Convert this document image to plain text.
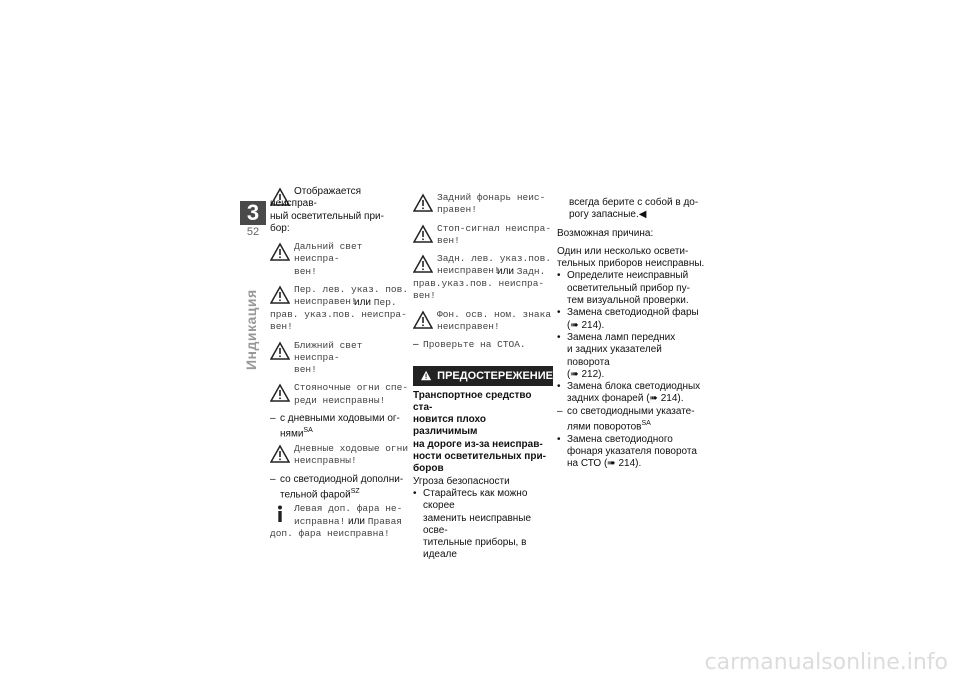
3
52
Индикация

Отображается неисправ-
ный осветительный при-
бор:

Дальний свет неиспра-
вен!

Пер. лев. указ. пов.
неисправен!

или Пер.

прав. указ.пов. неиспра-
вен!

Ближний свет неиспра-
вен!

Стояночные огни спе-
реди неисправны!

– с дневными ходовыми ог-
нями$^{SA}$

Дневные ходовые огни
неисправны!

– со светодиодной дополни-
тельной фарой$^{SZ}$

Левая доп. фара не-
исправна! или Правая

доп. фара неисправна!

Задний фонарь неис-
правен!

Стоп-сигнал неиспра-
вен!

Задн. лев. указ.пов.
неисправен!

или Задн.

прав.указ.пов. неиспра-
вен!

Фон. осв. ном. знака
неисправен!

– Проверьте на СТОА.

ПРЕДОСТЕРЕЖЕНИЕ

Транспортное средство ста-
новится плохо различимым
на дороге из-за неисправ-
ности осветительных при-
боров

Угроза безопасности

• Старайтесь как можно скорее
заменить неисправные осве-
тительные приборы, в идеале

всегда берите с собой в до-
рогу запасные.◀

Возможная причина:

Один или несколько освети-
тельных приборов неисправны.

• Определите неисправный
осветительный прибор пу-
тем визуальной проверки.

• Замена светодиодной фары
(➠ 214).

• Замена ламп передних
и задних указателей поворота
(➠ 212).

• Замена блока светодиодных
задних фонарей (➠ 214).

– со светодиодными указате-
лями поворотов$^{SA}$

• Замена светодиодного
фонаря указателя поворота
на СТО (➠ 214).

carmanualsonline.info
